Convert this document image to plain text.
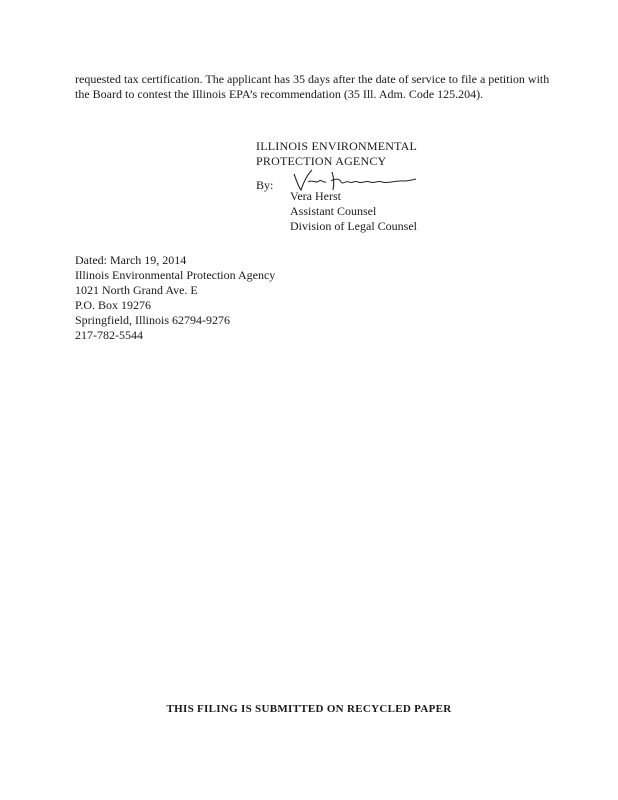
requested tax certification. The applicant has 35 days after the date of service to file a petition with
the Board to contest the Illinois EPA’s recommendation (35 Ill. Adm. Code 125.204).
ILLINOIS ENVIRONMENTAL
PROTECTION AGENCY
By:
Vera Herst
Assistant Counsel
Division of Legal Counsel
Dated: March 19, 2014
Illinois Environmental Protection Agency
1021 North Grand Ave. E
P.O. Box 19276
Springfield, Illinois 62794-9276
217-782-5544
THIS FILING IS SUBMITTED ON RECYCLED PAPER
